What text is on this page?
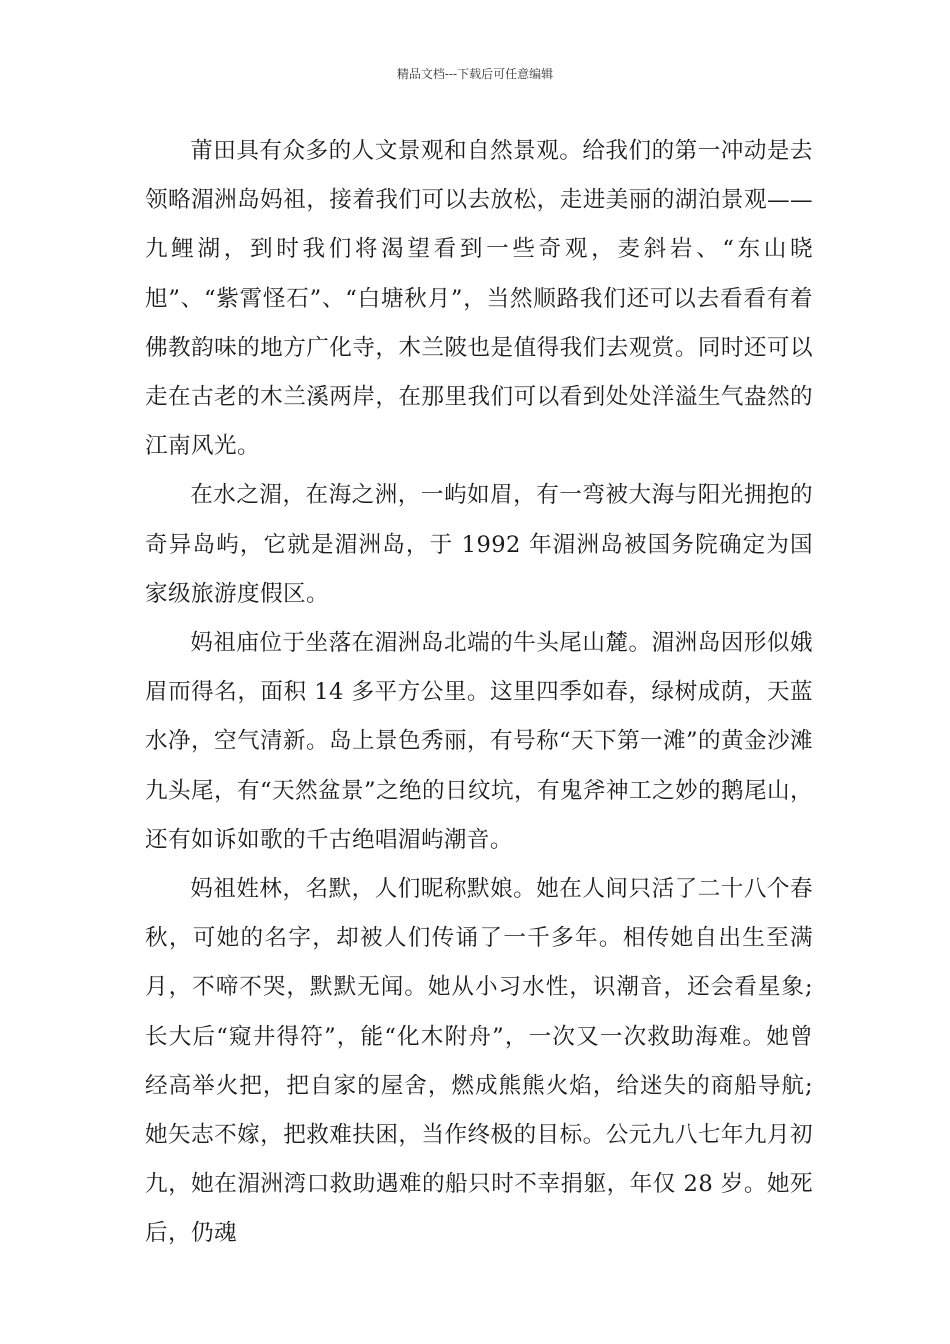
精品文档---下载后可任意编辑

莆田具有众多的人文景观和自然景观。给我们的第一冲动是去领略湄洲岛妈祖，接着我们可以去放松，走进美丽的湖泊景观——九鲤湖，到时我们将渴望看到一些奇观，麦斜岩、“东山晓旭”、“紫霄怪石”、“白塘秋月”，当然顺路我们还可以去看看有着佛教韵味的地方广化寺，木兰陂也是值得我们去观赏。同时还可以走在古老的木兰溪两岸，在那里我们可以看到处处洋溢生气盎然的江南风光。

在水之湄，在海之洲，一屿如眉，有一弯被大海与阳光拥抱的奇异岛屿，它就是湄洲岛，于 1992 年湄洲岛被国务院确定为国家级旅游度假区。

妈祖庙位于坐落在湄洲岛北端的牛头尾山麓。湄洲岛因形似娥眉而得名，面积 14 多平方公里。这里四季如春，绿树成荫，天蓝水净，空气清新。岛上景色秀丽，有号称“天下第一滩”的黄金沙滩九头尾，有“天然盆景”之绝的日纹坑，有鬼斧神工之妙的鹅尾山，还有如诉如歌的千古绝唱湄屿潮音。

妈祖姓林，名默，人们昵称默娘。她在人间只活了二十八个春秋，可她的名字，却被人们传诵了一千多年。相传她自出生至满月，不啼不哭，默默无闻。她从小习水性，识潮音，还会看星象;长大后“窥井得符”，能“化木附舟”，一次又一次救助海难。她曾经高举火把，把自家的屋舍，燃成熊熊火焰，给迷失的商船导航;她矢志不嫁，把救难扶困，当作终极的目标。公元九八七年九月初九，她在湄洲湾口救助遇难的船只时不幸捐躯，年仅 28 岁。她死后，仍魂
